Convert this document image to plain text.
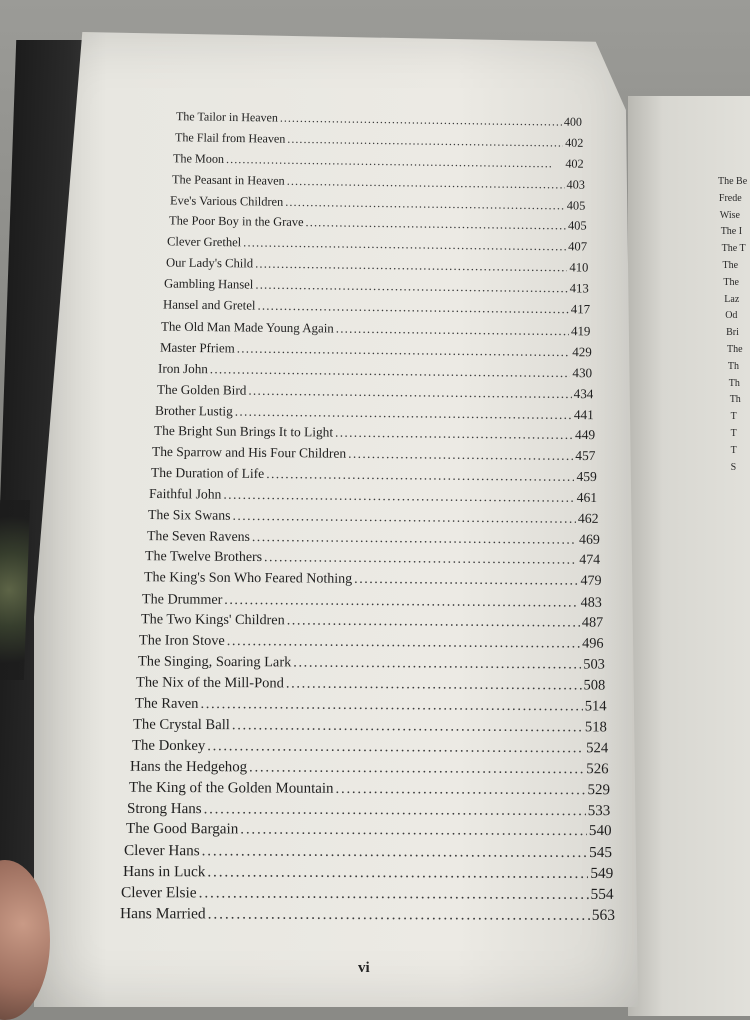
The Tailor in Heaven . . .	400
The Flail from Heaven . . .	402
The Moon . . .	402
The Peasant in Heaven . . .	403
Eve's Various Children . . .	405
The Poor Boy in the Grave . . .	405
Clever Grethel . . .	407
Our Lady's Child . . .	410
Gambling Hansel . . .	413
Hansel and Gretel . . .	417
The Old Man Made Young Again . . .	419
Master Pfriem . . .	429
Iron John . . .	430
The Golden Bird . . .	434
Brother Lustig . . .	441
The Bright Sun Brings It to Light . . .	449
The Sparrow and His Four Children . . .	457
The Duration of Life . . .	459
Faithful John . . .	461
The Six Swans . . .	462
The Seven Ravens . . .	469
The Twelve Brothers . . .	474
The King's Son Who Feared Nothing . . .	479
The Drummer . . .	483
The Two Kings' Children . . .	487
The Iron Stove . . .	496
The Singing, Soaring Lark . . .	503
The Nix of the Mill-Pond . . .	508
The Raven . . .	514
The Crystal Ball . . .	518
The Donkey . . .	524
Hans the Hedgehog . . .	526
The King of the Golden Mountain . . .	529
Strong Hans . . .	533
The Good Bargain . . .	540
Clever Hans . . .	545
Hans in Luck . . .	549
Clever Elsie . . .	554
Hans Married . . .	563
The Be
Frede
Wise
The I
The T
The
The
Laz
Od
Bri
The
Th
Th
Th
T
T
T
S
vi
